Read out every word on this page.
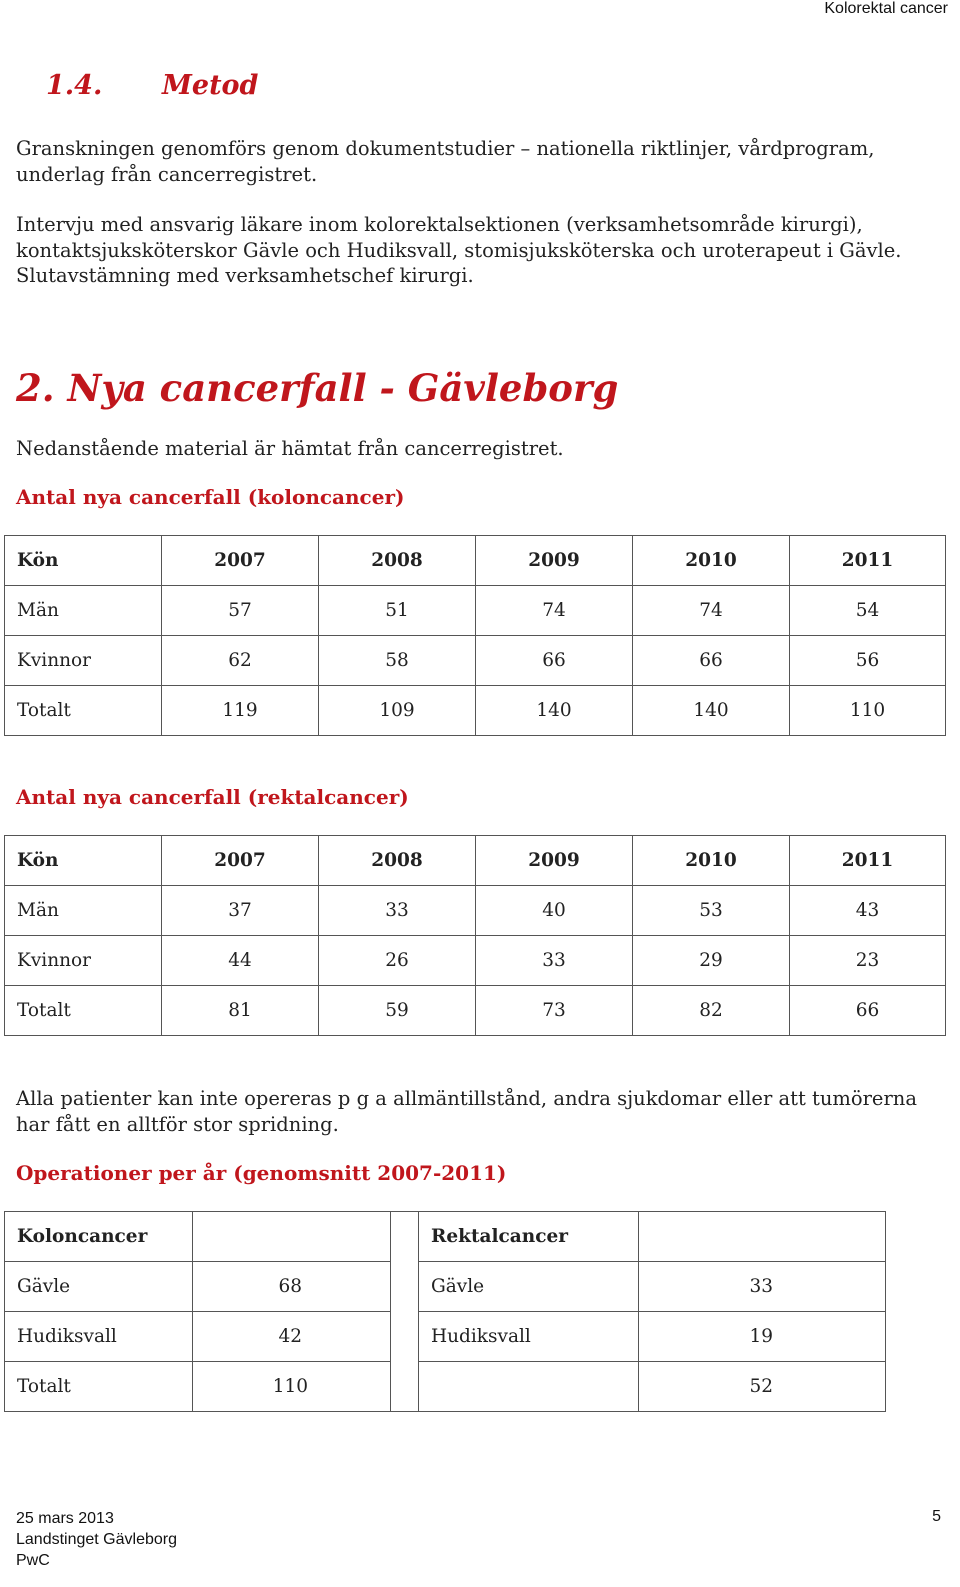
Kolorektal cancer
1.4. Metod
Granskningen genomförs genom dokumentstudier – nationella riktlinjer, vårdprogram, underlag från cancerregistret.
Intervju med ansvarig läkare inom kolorektalsektionen (verksamhetsområde kirurgi), kontaktsjuksköterskor Gävle och Hudiksvall, stomisjuksköterska och uroterapeut i Gävle. Slutavstämning med verksamhetschef kirurgi.
2. Nya cancerfall - Gävleborg
Nedanstående material är hämtat från cancerregistret.
Antal nya cancerfall (koloncancer)
Kön	2007	2008	2009	2010	2011
Män	57	51	74	74	54
Kvinnor	62	58	66	66	56
Totalt	119	109	140	140	110
Antal nya cancerfall (rektalcancer)
Kön	2007	2008	2009	2010	2011
Män	37	33	40	53	43
Kvinnor	44	26	33	29	23
Totalt	81	59	73	82	66
Alla patienter kan inte opereras p g a allmäntillstånd, andra sjukdomar eller att tumörerna har fått en alltför stor spridning.
Operationer per år (genomsnitt 2007-2011)
Koloncancer			Rektalcancer	
Gävle	68		Gävle	33
Hudiksvall	42		Hudiksvall	19
Totalt	110			52
25 mars 2013
Landstinget Gävleborg
PwC
5
